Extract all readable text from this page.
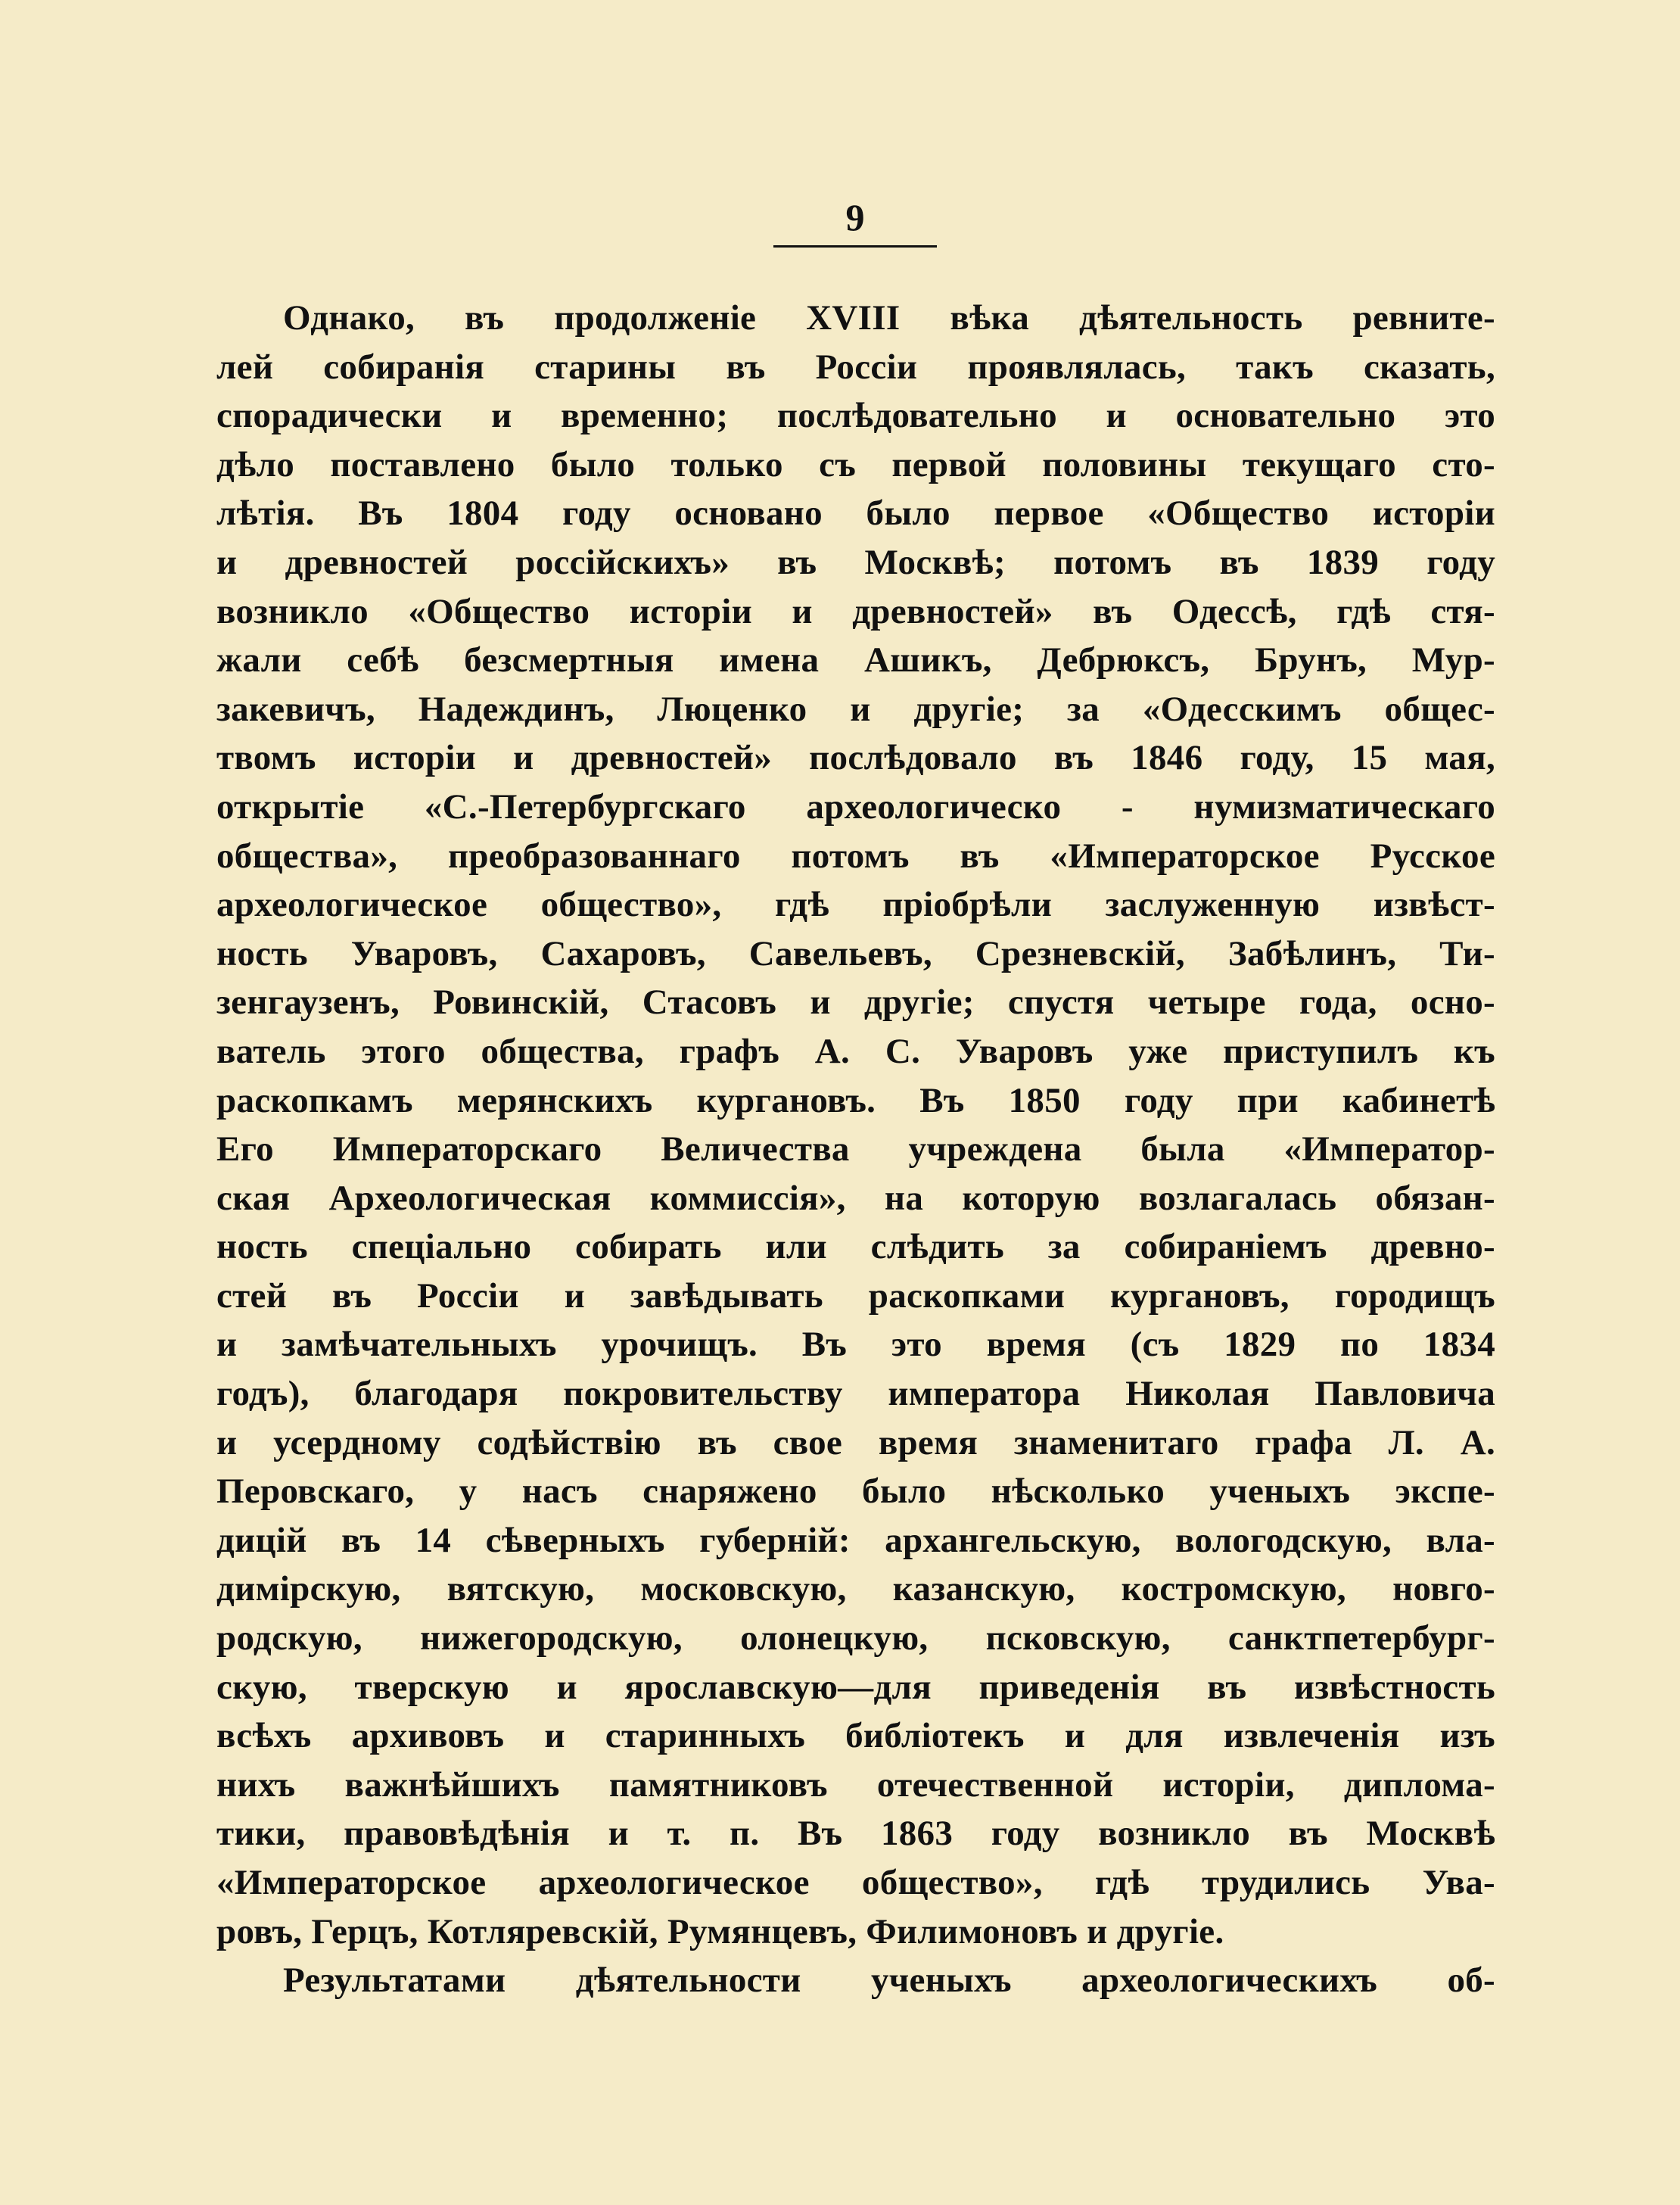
9
Однако, въ продолженіе XVIII вѣка дѣятельность ревните-
лей собиранія старины въ Россіи проявлялась, такъ сказать,
спорадически и временно; послѣдовательно и основательно это
дѣло поставлено было только съ первой половины текущаго сто-
лѣтія. Въ 1804 году основано было первое «Общество исторіи
и древностей россійскихъ» въ Москвѣ; потомъ въ 1839 году
возникло «Общество исторіи и древностей» въ Одессѣ, гдѣ стя-
жали себѣ безсмертныя имена Ашикъ, Дебрюксъ, Брунъ, Мур-
закевичъ, Надеждинъ, Люценко и другіе; за «Одесскимъ общес-
твомъ исторіи и древностей» послѣдовало въ 1846 году, 15 мая,
открытіе «С.-Петербургскаго археологическо - нумизматическаго
общества», преобразованнаго потомъ въ «Императорское Русское
археологическое общество», гдѣ пріобрѣли заслуженную извѣст-
ность Уваровъ, Сахаровъ, Савельевъ, Срезневскій, Забѣлинъ, Ти-
зенгаузенъ, Ровинскій, Стасовъ и другіе; спустя четыре года, осно-
ватель этого общества, графъ А. С. Уваровъ уже приступилъ къ
раскопкамъ мерянскихъ кургановъ. Въ 1850 году при кабинетѣ
Его Императорскаго Величества учреждена была «Император-
ская Археологическая коммиссія», на которую возлагалась обязан-
ность спеціально собирать или слѣдить за собираніемъ древно-
стей въ Россіи и завѣдывать раскопками кургановъ, городищъ
и замѣчательныхъ урочищъ. Въ это время (съ 1829 по 1834
годъ), благодаря покровительству императора Николая Павловича
и усердному содѣйствію въ свое время знаменитаго графа Л. А.
Перовскаго, у насъ снаряжено было нѣсколько ученыхъ экспе-
дицій въ 14 сѣверныхъ губерній: архангельскую, вологодскую, вла-
димірскую, вятскую, московскую, казанскую, костромскую, новго-
родскую, нижегородскую, олонецкую, псковскую, санктпетербург-
скую, тверскую и ярославскую—для приведенія въ извѣстность
всѣхъ архивовъ и старинныхъ библіотекъ и для извлеченія изъ
нихъ важнѣйшихъ памятниковъ отечественной исторіи, диплома-
тики, правовѣдѣнія и т. п. Въ 1863 году возникло въ Москвѣ
«Императорское археологическое общество», гдѣ трудились Ува-
ровъ, Герцъ, Котляревскій, Румянцевъ, Филимоновъ и другіе.
Результатами дѣятельности ученыхъ археологическихъ об-
